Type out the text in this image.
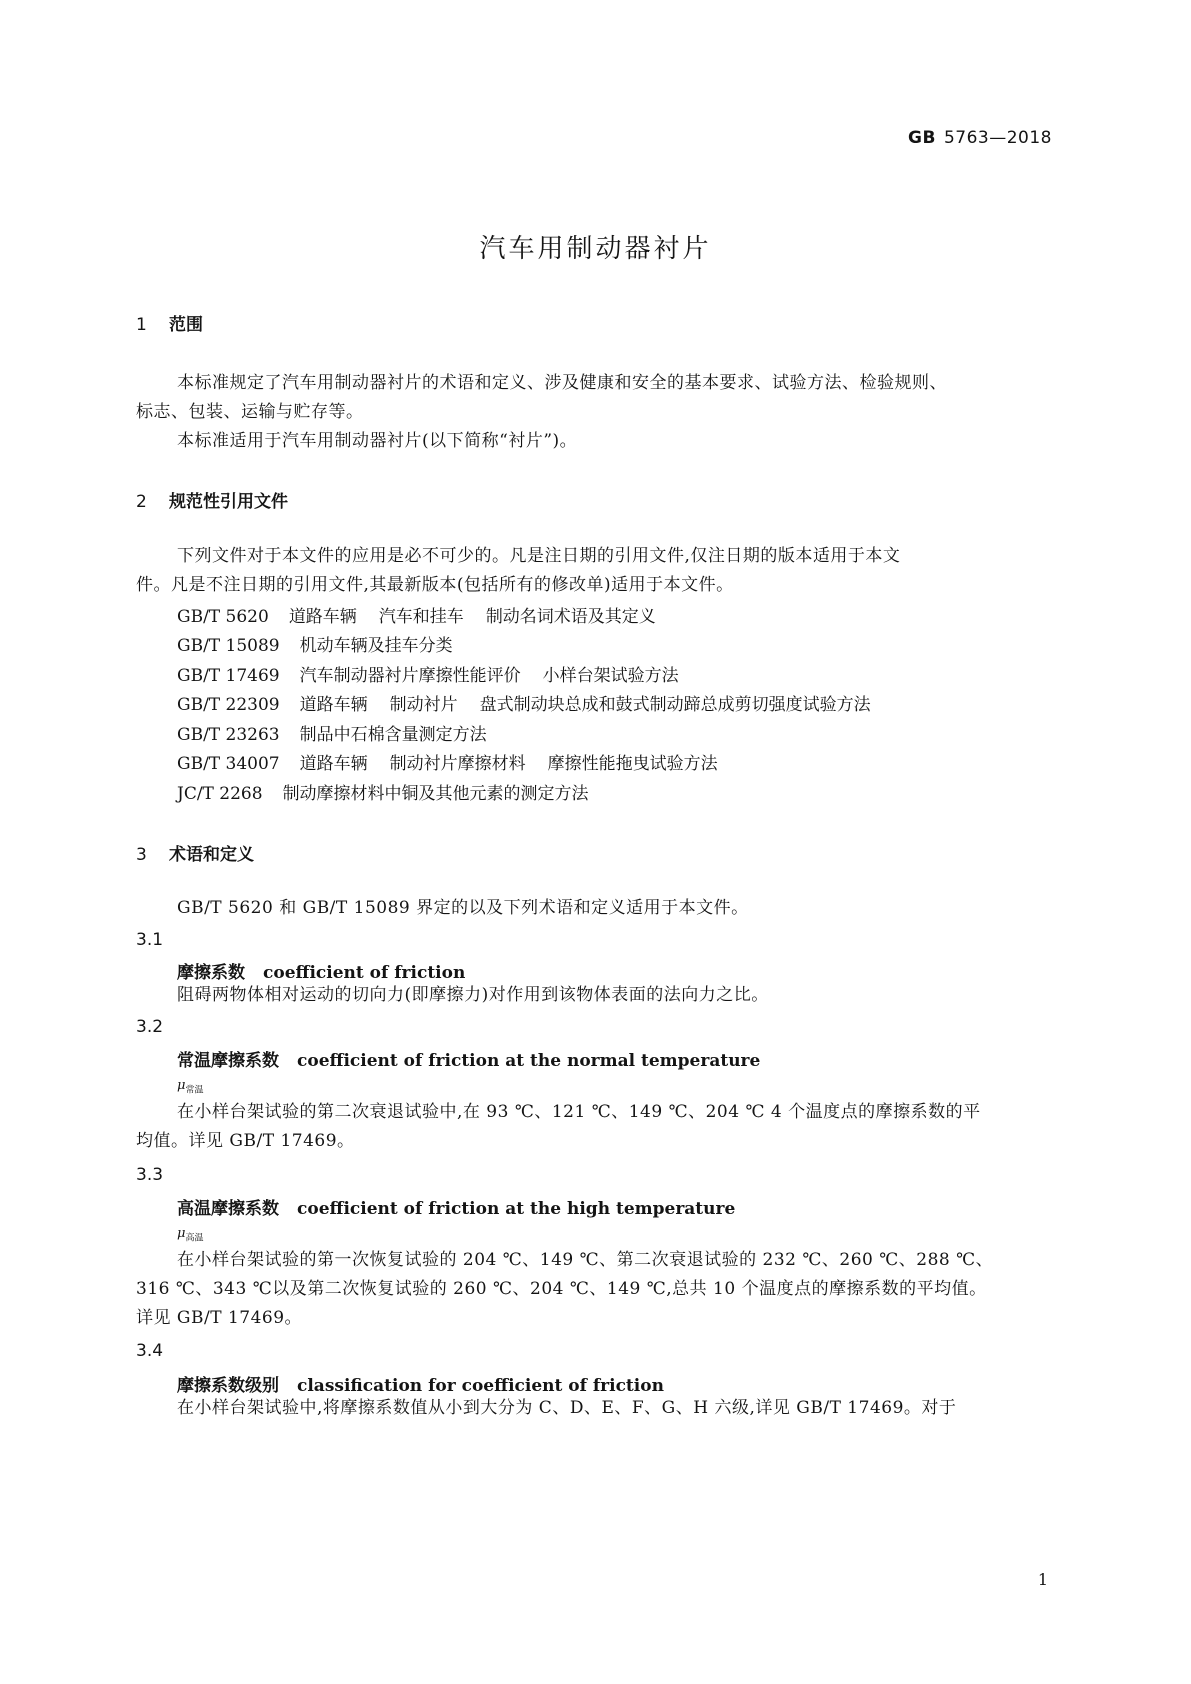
GB 5763—2018
汽车用制动器衬片
1 范围
本标准规定了汽车用制动器衬片的术语和定义、涉及健康和安全的基本要求、试验方法、检验规则、
标志、包装、运输与贮存等。
本标准适用于汽车用制动器衬片(以下简称“衬片”)。
2 规范性引用文件
下列文件对于本文件的应用是必不可少的。凡是注日期的引用文件,仅注日期的版本适用于本文
件。凡是不注日期的引用文件,其最新版本(包括所有的修改单)适用于本文件。
GB/T 5620 道路车辆 汽车和挂车 制动名词术语及其定义
GB/T 15089 机动车辆及挂车分类
GB/T 17469 汽车制动器衬片摩擦性能评价 小样台架试验方法
GB/T 22309 道路车辆 制动衬片 盘式制动块总成和鼓式制动蹄总成剪切强度试验方法
GB/T 23263 制品中石棉含量测定方法
GB/T 34007 道路车辆 制动衬片摩擦材料 摩擦性能拖曳试验方法
JC/T 2268 制动摩擦材料中铜及其他元素的测定方法
3 术语和定义
GB/T 5620 和 GB/T 15089 界定的以及下列术语和定义适用于本文件。
3.1
摩擦系数 coefficient of friction
阻碍两物体相对运动的切向力(即摩擦力)对作用到该物体表面的法向力之比。
3.2
常温摩擦系数 coefficient of friction at the normal temperature
$\mu_{常温}$
在小样台架试验的第二次衰退试验中,在 93 ℃、121 ℃、149 ℃、204 ℃ 4 个温度点的摩擦系数的平
均值。详见 GB/T 17469。
3.3
高温摩擦系数 coefficient of friction at the high temperature
$\mu_{高温}$
在小样台架试验的第一次恢复试验的 204 ℃、149 ℃、第二次衰退试验的 232 ℃、260 ℃、288 ℃、
316 ℃、343 ℃以及第二次恢复试验的 260 ℃、204 ℃、149 ℃,总共 10 个温度点的摩擦系数的平均值。
详见 GB/T 17469。
3.4
摩擦系数级别 classification for coefficient of friction
在小样台架试验中,将摩擦系数值从小到大分为 C、D、E、F、G、H 六级,详见 GB/T 17469。对于
1
